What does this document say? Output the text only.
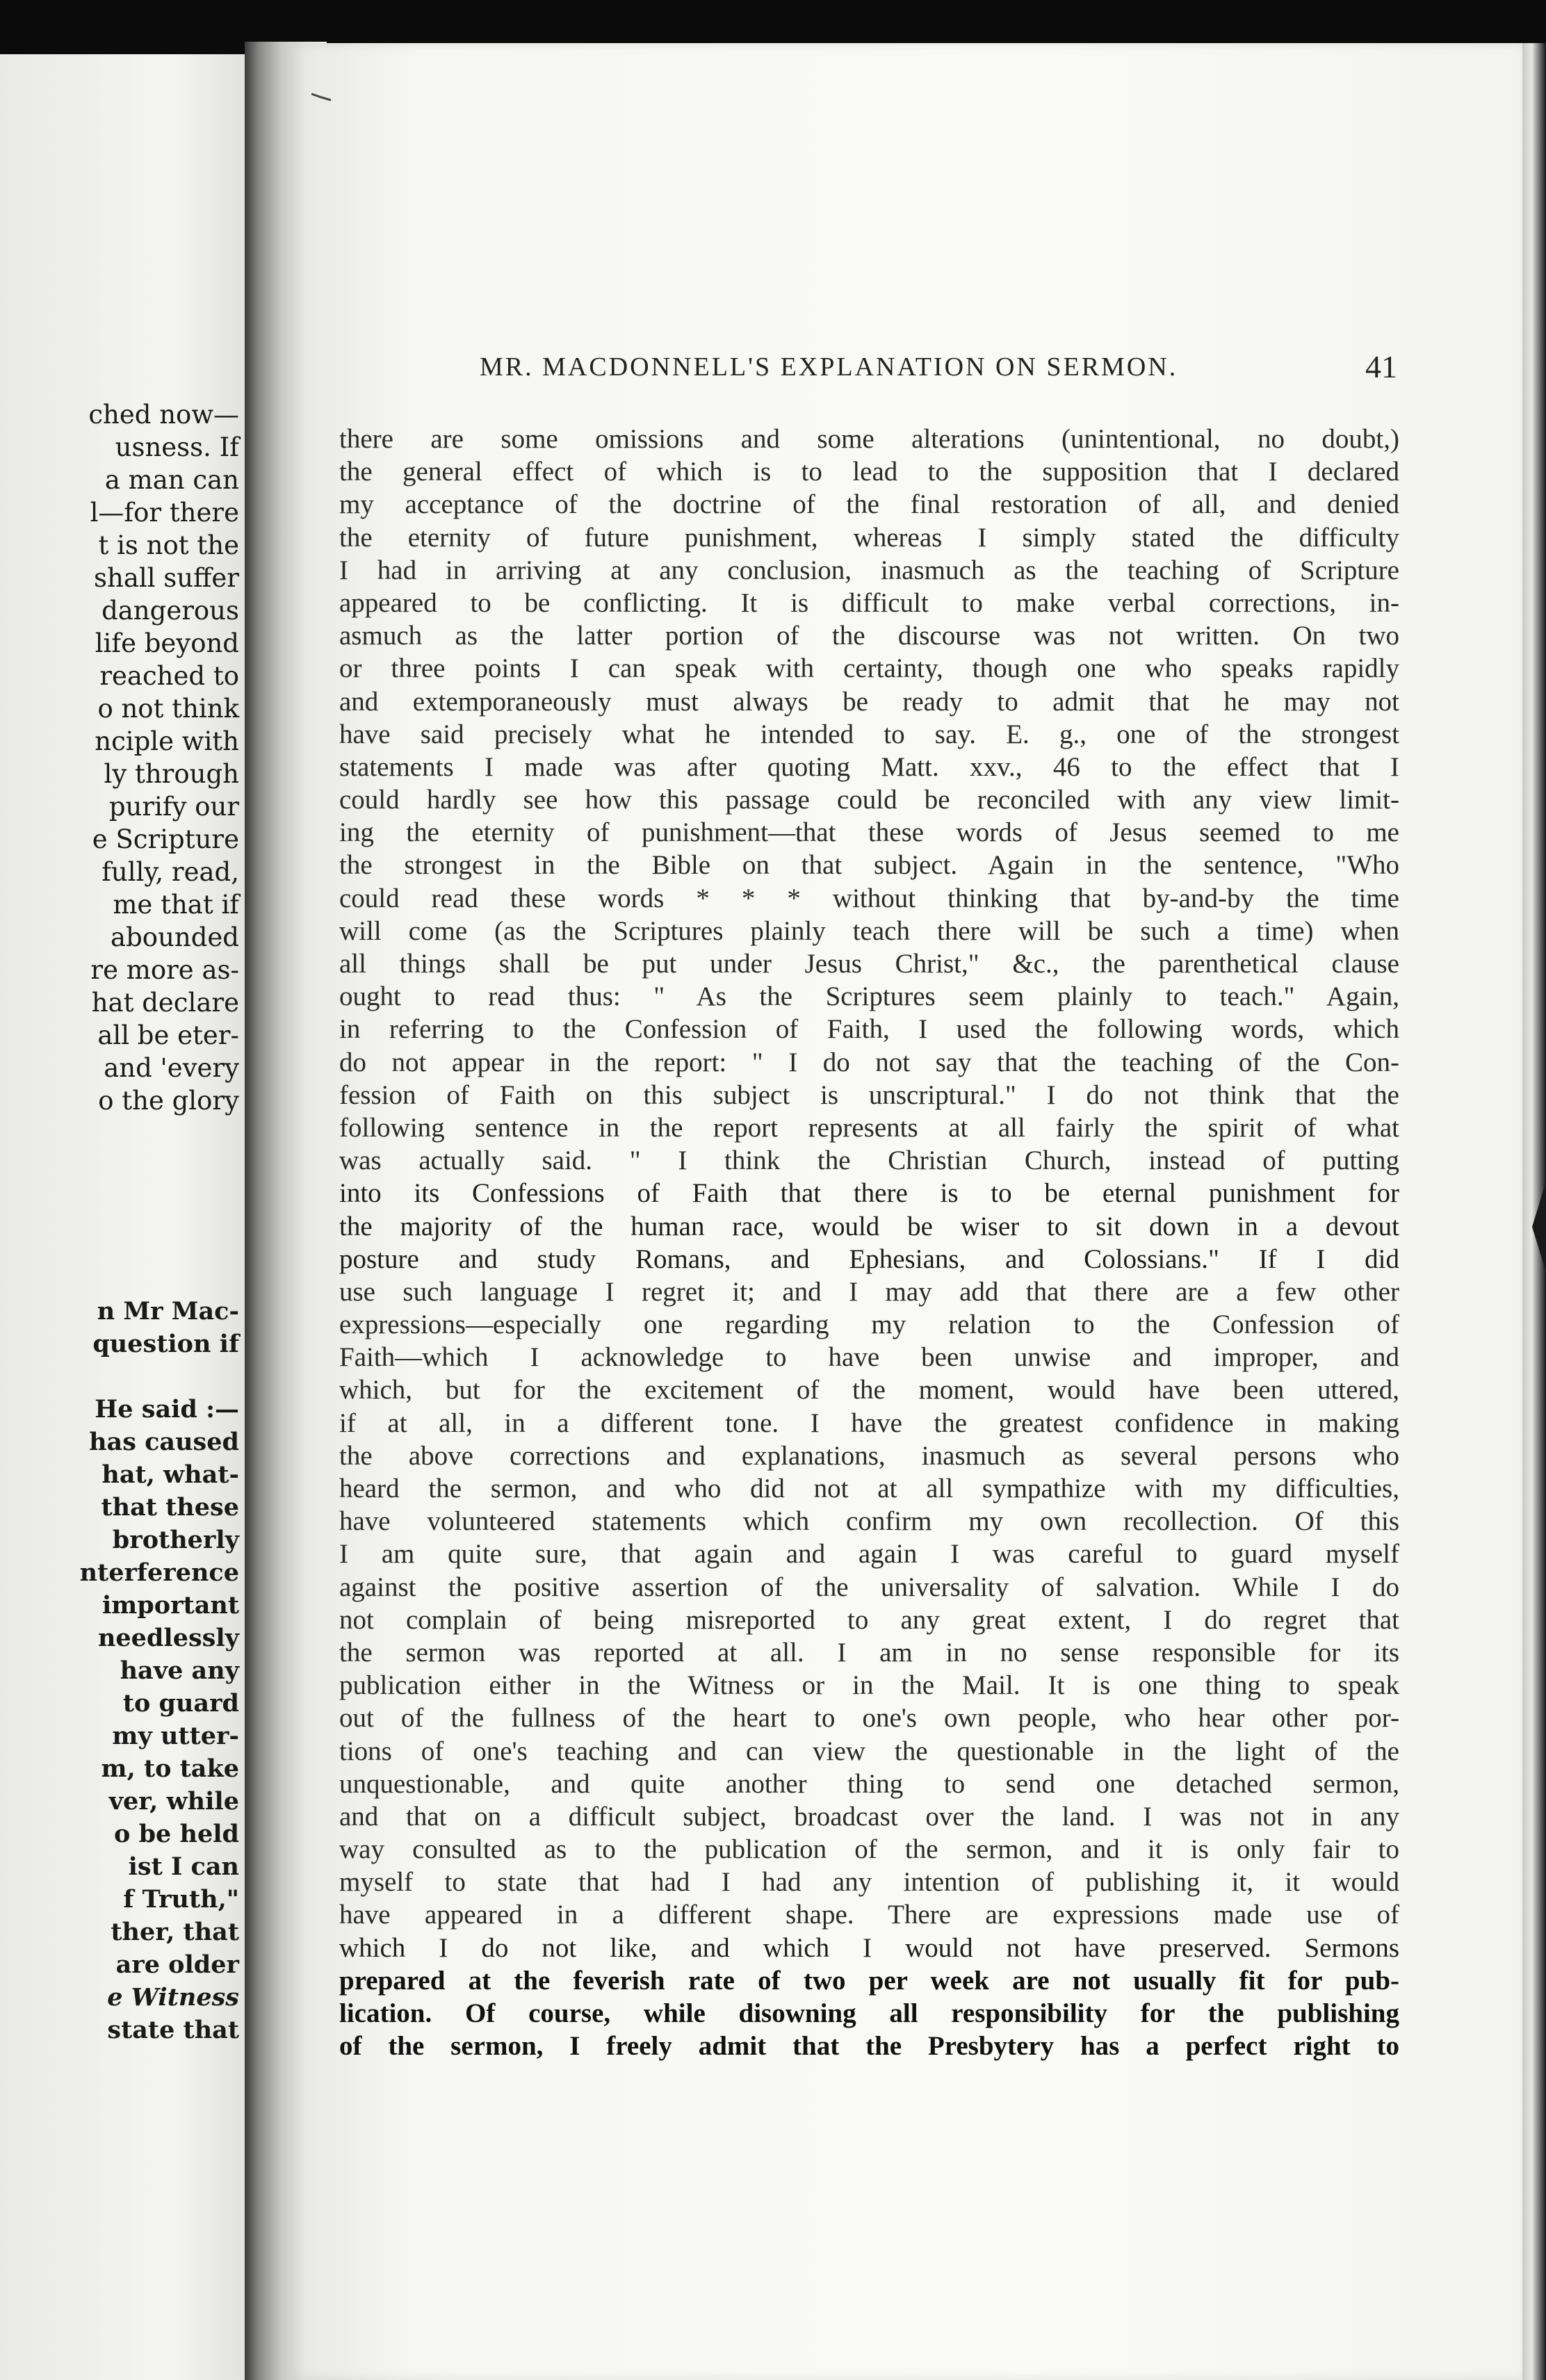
ched now—
usness. If
a man can
l—for there
t is not the
shall suffer
dangerous
life beyond
reached to
o not think
nciple with
ly through
purify our
e Scripture
fully, read,
me that if
abounded
re more as-
hat declare
all be eter-
and 'every
o the glory
n Mr Mac-
question if
He said :—
has caused
hat, what-
that these
brotherly
nterference
important
needlessly
have any
to guard
my utter-
m, to take
ver, while
o be held
ist I can
f Truth,"
ther, that
are older
e Witness
state that
MR. MACDONNELL'S EXPLANATION ON SERMON.	41
there are some omissions and some alterations (unintentional, no doubt,)
the general effect of which is to lead to the supposition that I declared
my acceptance of the doctrine of the final restoration of all, and denied
the eternity of future punishment, whereas I simply stated the difficulty
I had in arriving at any conclusion, inasmuch as the teaching of Scripture
appeared to be conflicting. It is difficult to make verbal corrections, in-
asmuch as the latter portion of the discourse was not written. On two
or three points I can speak with certainty, though one who speaks rapidly
and extemporaneously must always be ready to admit that he may not
have said precisely what he intended to say. E. g., one of the strongest
statements I made was after quoting Matt. xxv., 46 to the effect that I
could hardly see how this passage could be reconciled with any view limit-
ing the eternity of punishment—that these words of Jesus seemed to me
the strongest in the Bible on that subject. Again in the sentence, "Who
could read these words * * * without thinking that by-and-by the time
will come (as the Scriptures plainly teach there will be such a time) when
all things shall be put under Jesus Christ," &c., the parenthetical clause
ought to read thus: " As the Scriptures seem plainly to teach." Again,
in referring to the Confession of Faith, I used the following words, which
do not appear in the report: " I do not say that the teaching of the Con-
fession of Faith on this subject is unscriptural." I do not think that the
following sentence in the report represents at all fairly the spirit of what
was actually said. " I think the Christian Church, instead of putting
into its Confessions of Faith that there is to be eternal punishment for
the majority of the human race, would be wiser to sit down in a devout
posture and study Romans, and Ephesians, and Colossians." If I did
use such language I regret it; and I may add that there are a few other
expressions—especially one regarding my relation to the Confession of
Faith—which I acknowledge to have been unwise and improper, and
which, but for the excitement of the moment, would have been uttered,
if at all, in a different tone. I have the greatest confidence in making
the above corrections and explanations, inasmuch as several persons who
heard the sermon, and who did not at all sympathize with my difficulties,
have volunteered statements which confirm my own recollection. Of this
I am quite sure, that again and again I was careful to guard myself
against the positive assertion of the universality of salvation. While I do
not complain of being misreported to any great extent, I do regret that
the sermon was reported at all. I am in no sense responsible for its
publication either in the Witness or in the Mail. It is one thing to speak
out of the fullness of the heart to one's own people, who hear other por-
tions of one's teaching and can view the questionable in the light of the
unquestionable, and quite another thing to send one detached sermon,
and that on a difficult subject, broadcast over the land. I was not in any
way consulted as to the publication of the sermon, and it is only fair to
myself to state that had I had any intention of publishing it, it would
have appeared in a different shape. There are expressions made use of
which I do not like, and which I would not have preserved. Sermons
prepared at the feverish rate of two per week are not usually fit for pub-
lication. Of course, while disowning all responsibility for the publishing
of the sermon, I freely admit that the Presbytery has a perfect right to
